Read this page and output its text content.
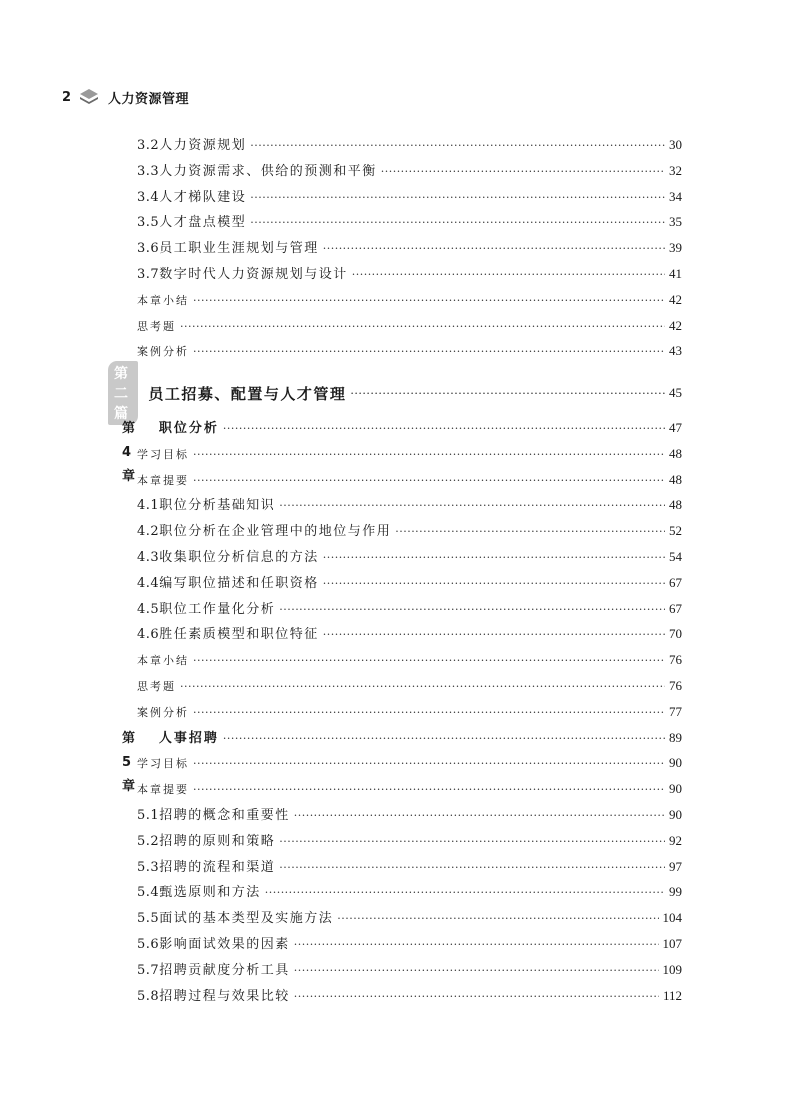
2	人力资源管理
第二篇
员工招募、配置与人才管理 ·····	45
3.2 人力资源规划 ·····	30
3.3 人力资源需求、供给的预测和平衡 ·····	32
3.4 人才梯队建设 ·····	34
3.5 人才盘点模型 ·····	35
3.6 员工职业生涯规划与管理 ·····	39
3.7 数字时代人力资源规划与设计 ·····	41
本章小结 ·····	42
思考题 ·····	42
案例分析 ·····	43
第 4 章
职位分析 ·····	47
学习目标 ·····	48
本章提要 ·····	48
4.1 职位分析基础知识 ·····	48
4.2 职位分析在企业管理中的地位与作用 ·····	52
4.3 收集职位分析信息的方法 ·····	54
4.4 编写职位描述和任职资格 ·····	67
4.5 职位工作量化分析 ·····	67
4.6 胜任素质模型和职位特征 ·····	70
本章小结 ·····	76
思考题 ·····	76
案例分析 ·····	77
第 5 章
人事招聘 ·····	89
学习目标 ·····	90
本章提要 ·····	90
5.1 招聘的概念和重要性 ·····	90
5.2 招聘的原则和策略 ·····	92
5.3 招聘的流程和渠道 ·····	97
5.4 甄选原则和方法 ·····	99
5.5 面试的基本类型及实施方法 ·····	104
5.6 影响面试效果的因素 ·····	107
5.7 招聘贡献度分析工具 ·····	109
5.8 招聘过程与效果比较 ·····	112
